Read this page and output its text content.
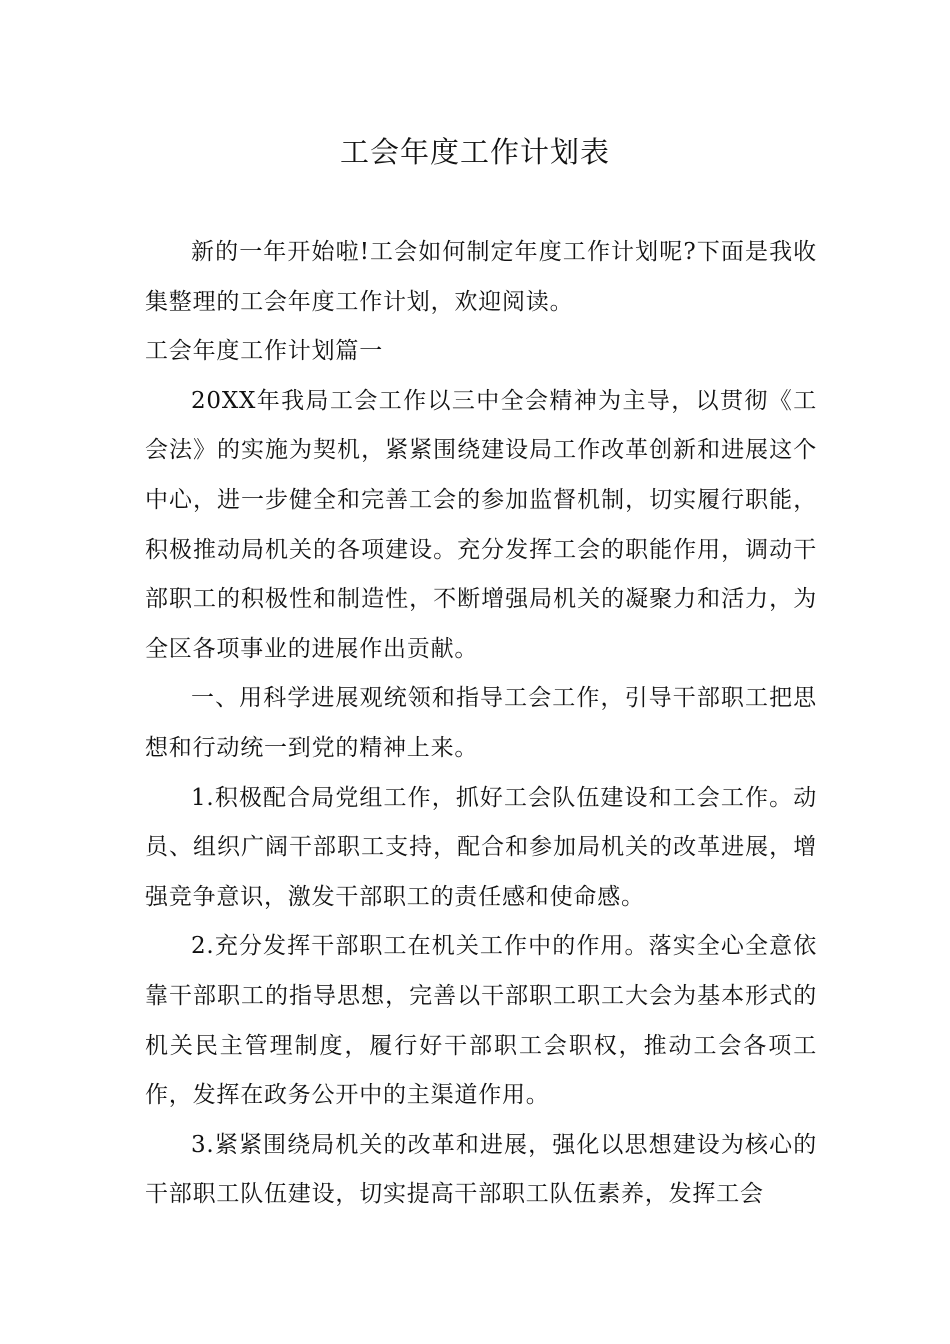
工会年度工作计划表

新的一年开始啦!工会如何制定年度工作计划呢?下面是我收集整理的工会年度工作计划，欢迎阅读。

工会年度工作计划篇一

20XX年我局工会工作以三中全会精神为主导，以贯彻《工会法》的实施为契机，紧紧围绕建设局工作改革创新和进展这个中心，进一步健全和完善工会的参加监督机制，切实履行职能，积极推动局机关的各项建设。充分发挥工会的职能作用，调动干部职工的积极性和制造性，不断增强局机关的凝聚力和活力，为全区各项事业的进展作出贡献。

一、用科学进展观统领和指导工会工作，引导干部职工把思想和行动统一到党的精神上来。

1.积极配合局党组工作，抓好工会队伍建设和工会工作。动员、组织广阔干部职工支持，配合和参加局机关的改革进展，增强竞争意识，激发干部职工的责任感和使命感。

2.充分发挥干部职工在机关工作中的作用。落实全心全意依靠干部职工的指导思想，完善以干部职工职工大会为基本形式的机关民主管理制度，履行好干部职工会职权，推动工会各项工作，发挥在政务公开中的主渠道作用。

3.紧紧围绕局机关的改革和进展，强化以思想建设为核心的干部职工队伍建设，切实提高干部职工队伍素养，发挥工会
